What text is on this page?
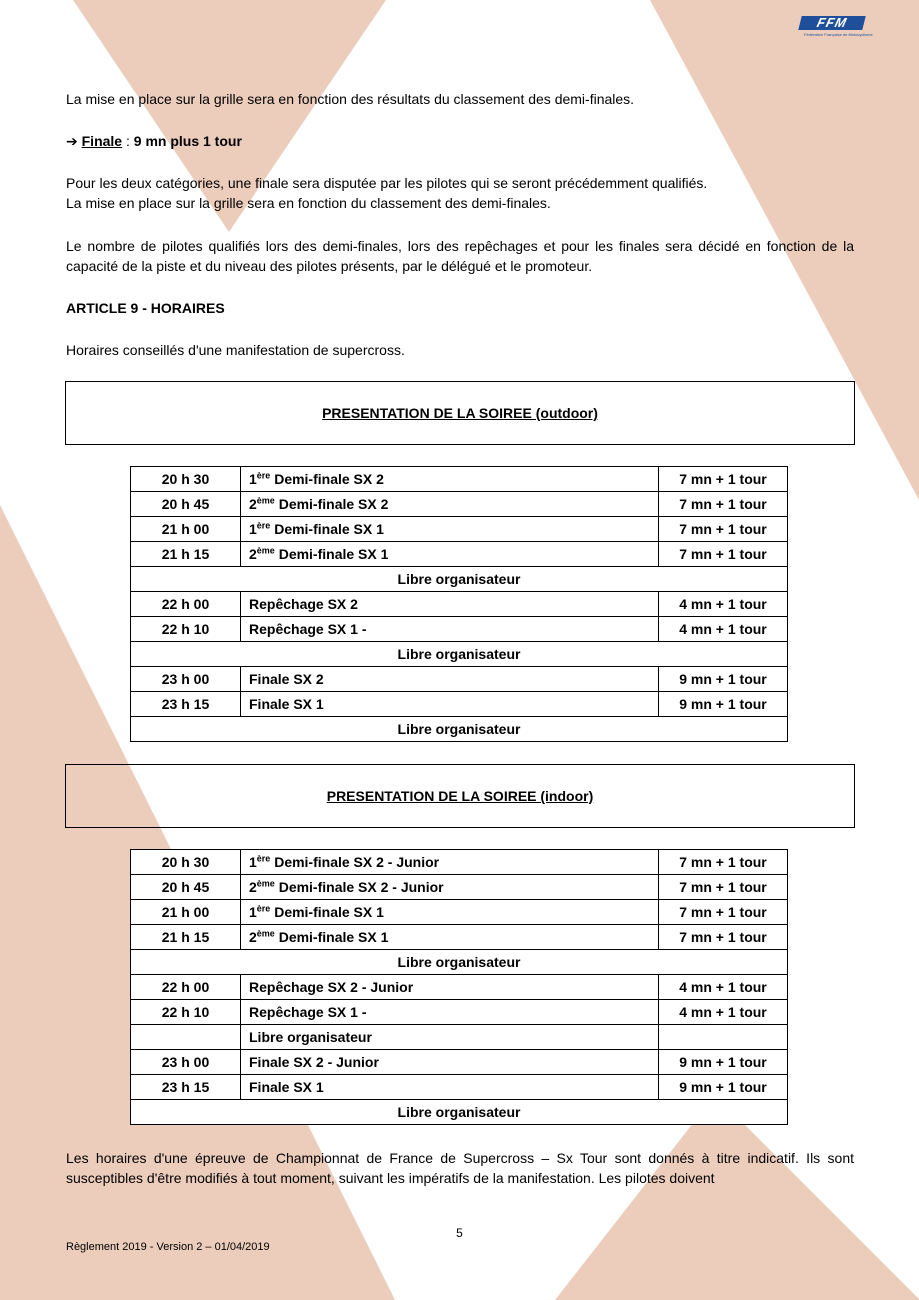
FFM
Fédération Française de Motocyclisme

La mise en place sur la grille sera en fonction des résultats du classement des demi-finales.

➔ Finale : 9 mn plus 1 tour

Pour les deux catégories, une finale sera disputée par les pilotes qui se seront précédemment qualifiés.

La mise en place sur la grille sera en fonction du classement des demi-finales.

Le nombre de pilotes qualifiés lors des demi-finales, lors des repêchages et pour les finales sera décidé en fonction de la capacité de la piste et du niveau des pilotes présents, par le délégué et le promoteur.

ARTICLE 9 - HORAIRES

Horaires conseillés d'une manifestation de supercross.

Les horaires d'une épreuve de Championnat de France de Supercross – Sx Tour sont donnés à titre indicatif. Ils sont susceptibles d'être modifiés à tout moment, suivant les impératifs de la manifestation. Les pilotes doivent

PRESENTATION DE LA SOIREE (outdoor)
20 h 30	1ère Demi-finale SX 2	7 mn + 1 tour
20 h 45	2ème Demi-finale SX 2	7 mn + 1 tour
21 h 00	1ère Demi-finale SX 1	7 mn + 1 tour
21 h 15	2ème Demi-finale SX 1	7 mn + 1 tour
Libre organisateur		
22 h 00	Repêchage SX 2	4 mn + 1 tour
22 h 10	Repêchage SX 1 -	4 mn + 1 tour
Libre organisateur		
23 h 00	Finale SX 2	9 mn + 1 tour
23 h 15	Finale SX 1	9 mn + 1 tour
Libre organisateur		
PRESENTATION DE LA SOIREE (indoor)
20 h 30	1ère Demi-finale SX 2 - Junior	7 mn + 1 tour
20 h 45	2ème Demi-finale SX 2 - Junior	7 mn + 1 tour
21 h 00	1ère Demi-finale SX 1	7 mn + 1 tour
21 h 15	2ème Demi-finale SX 1	7 mn + 1 tour
Libre organisateur		
22 h 00	Repêchage SX 2 - Junior	4 mn + 1 tour
22 h 10	Repêchage SX 1 -	4 mn + 1 tour
	Libre organisateur	
23 h 00	Finale SX 2 - Junior	9 mn + 1 tour
23 h 15	Finale SX 1	9 mn + 1 tour
Libre organisateur		
5
Règlement 2019 - Version 2 – 01/04/2019
